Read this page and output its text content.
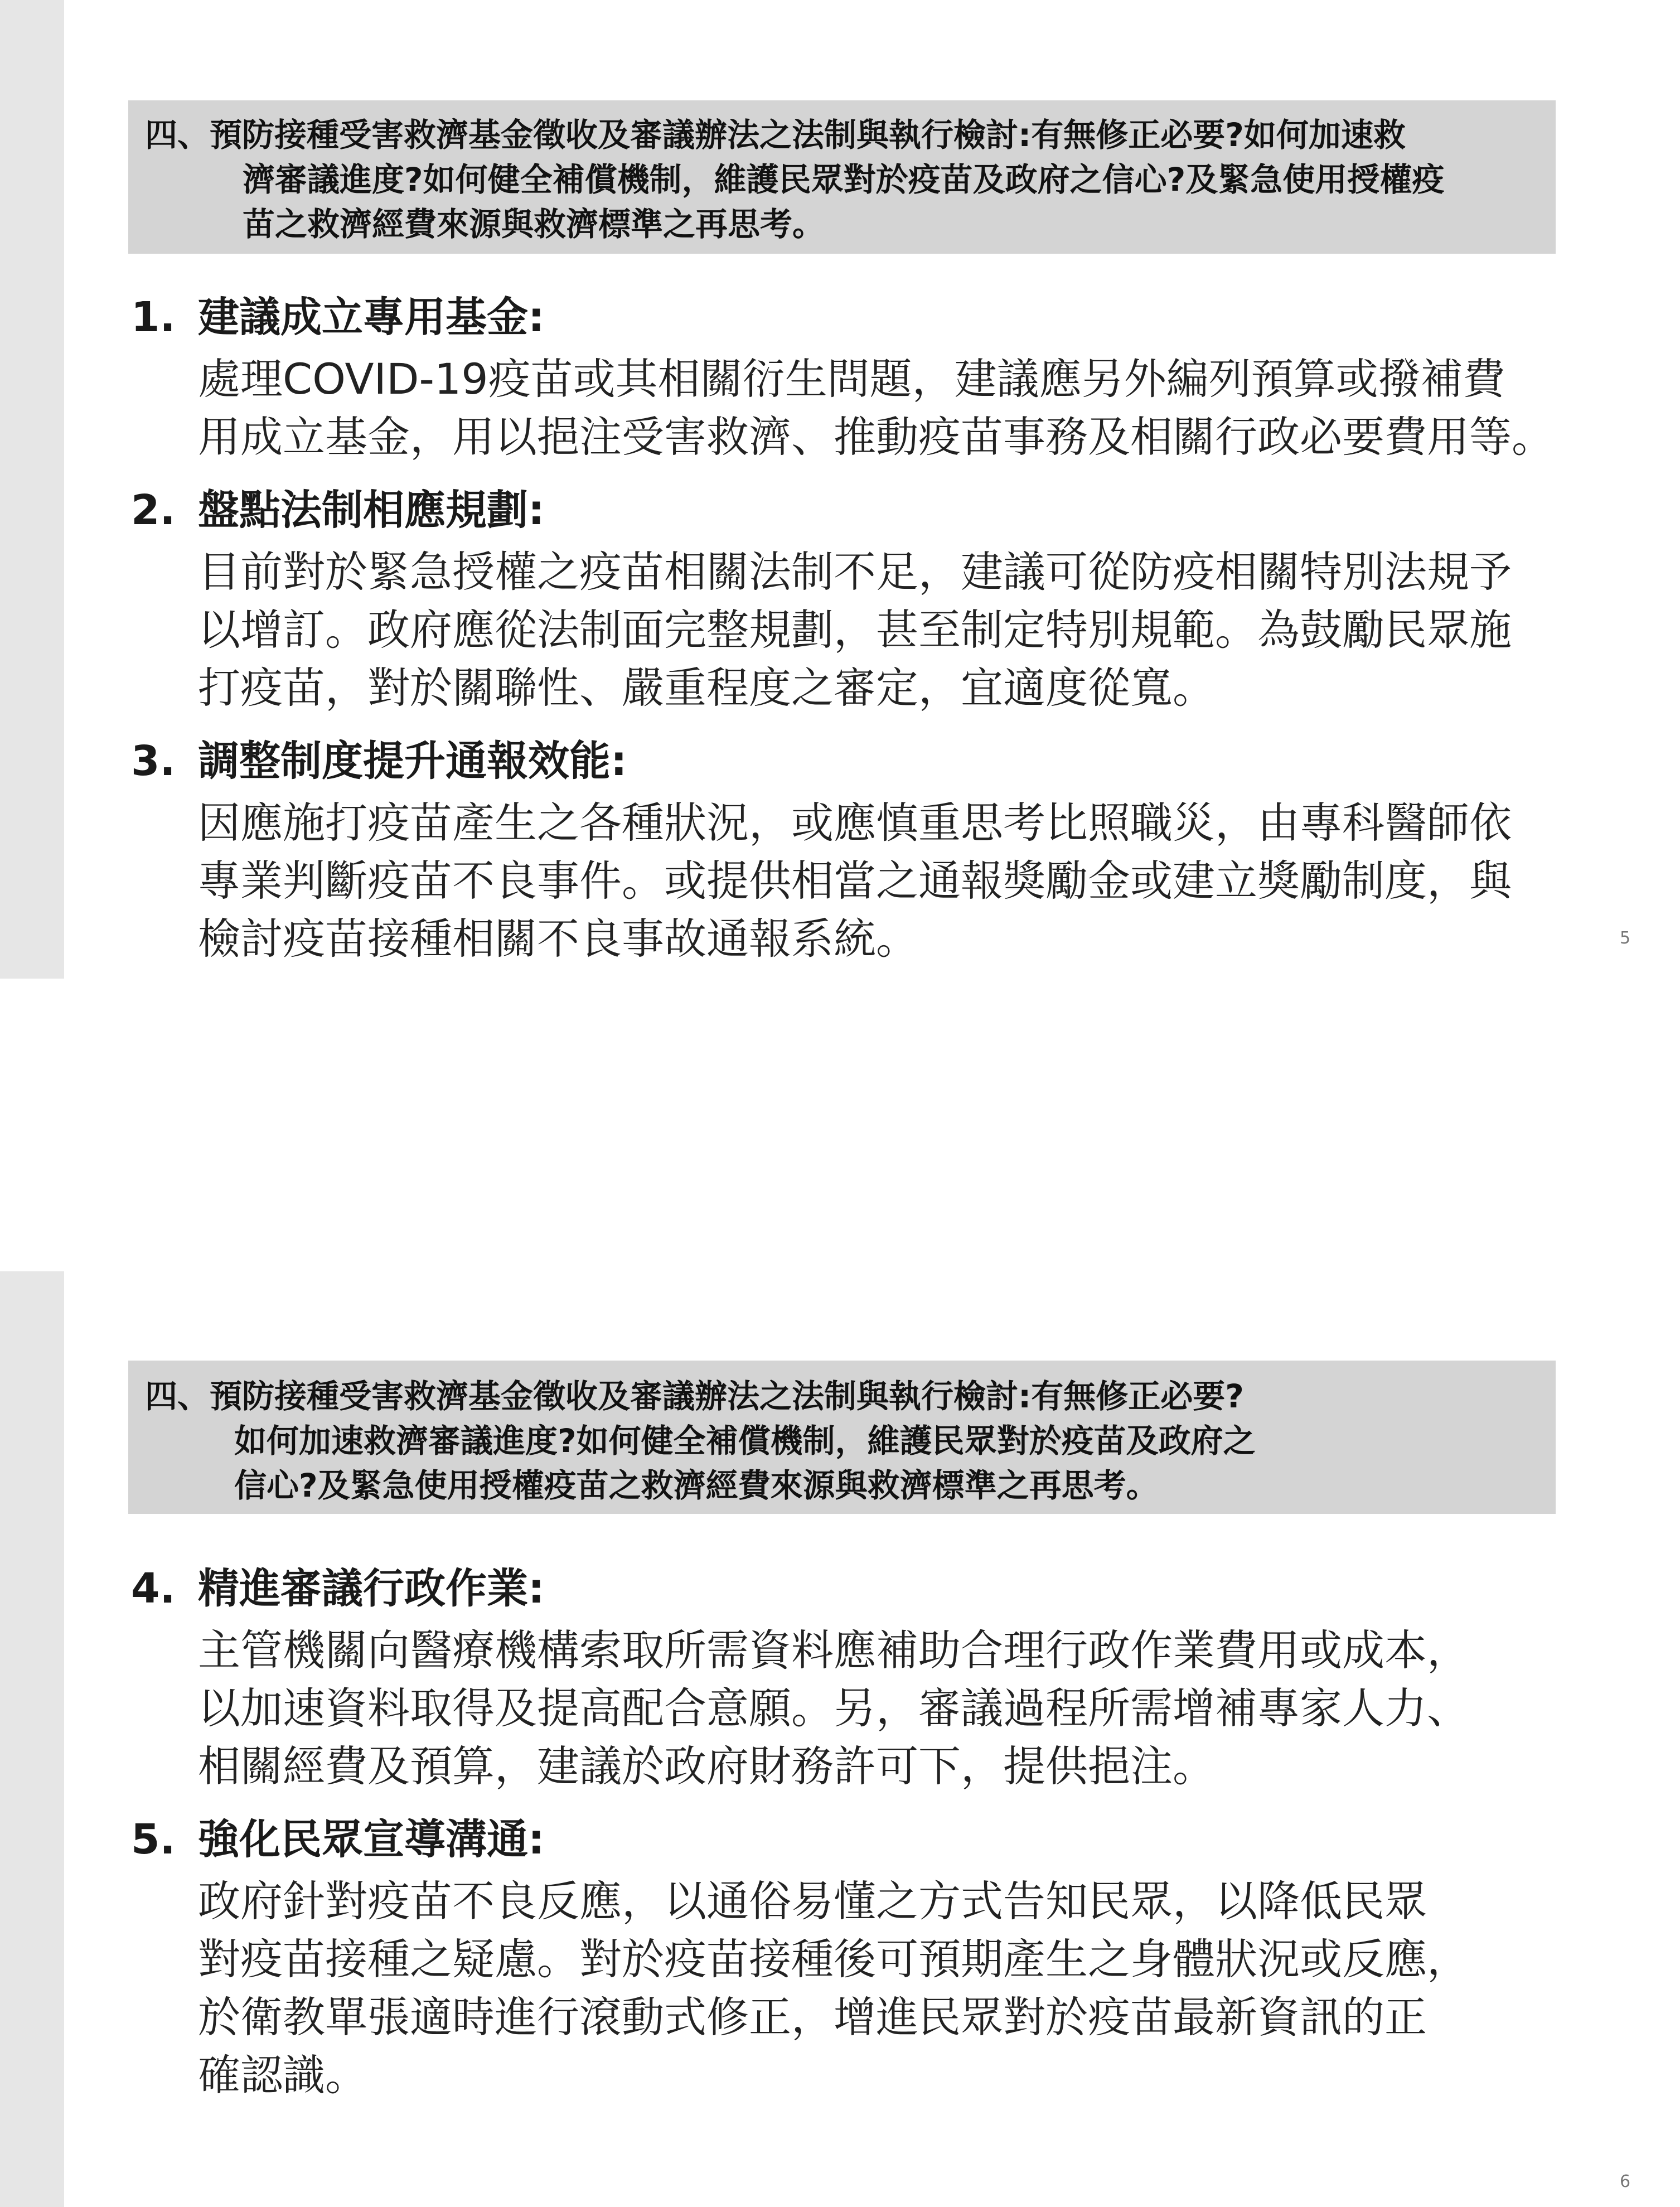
四、預防接種受害救濟基金徵收及審議辦法之法制與執行檢討:有無修正必要?如何加速救
濟審議進度?如何健全補償機制，維護民眾對於疫苗及政府之信心?及緊急使用授權疫
苗之救濟經費來源與救濟標準之再思考。
1. 建議成立專用基金:
處理COVID-19疫苗或其相關衍生問題，建議應另外編列預算或撥補費
用成立基金，用以挹注受害救濟、推動疫苗事務及相關行政必要費用等。
2. 盤點法制相應規劃:
目前對於緊急授權之疫苗相關法制不足，建議可從防疫相關特別法規予
以增訂。政府應從法制面完整規劃，甚至制定特別規範。為鼓勵民眾施
打疫苗，對於關聯性、嚴重程度之審定，宜適度從寬。
3. 調整制度提升通報效能:
因應施打疫苗產生之各種狀況，或應慎重思考比照職災，由專科醫師依
專業判斷疫苗不良事件。或提供相當之通報獎勵金或建立獎勵制度，與
檢討疫苗接種相關不良事故通報系統。	5
四、預防接種受害救濟基金徵收及審議辦法之法制與執行檢討:有無修正必要?
如何加速救濟審議進度?如何健全補償機制，維護民眾對於疫苗及政府之
信心?及緊急使用授權疫苗之救濟經費來源與救濟標準之再思考。
4. 精進審議行政作業:
主管機關向醫療機構索取所需資料應補助合理行政作業費用或成本，
以加速資料取得及提高配合意願。另，審議過程所需增補專家人力、
相關經費及預算，建議於政府財務許可下，提供挹注。
5. 強化民眾宣導溝通:
政府針對疫苗不良反應，以通俗易懂之方式告知民眾，以降低民眾
對疫苗接種之疑慮。對於疫苗接種後可預期產生之身體狀況或反應，
於衛教單張適時進行滾動式修正，增進民眾對於疫苗最新資訊的正
確認識。
6
